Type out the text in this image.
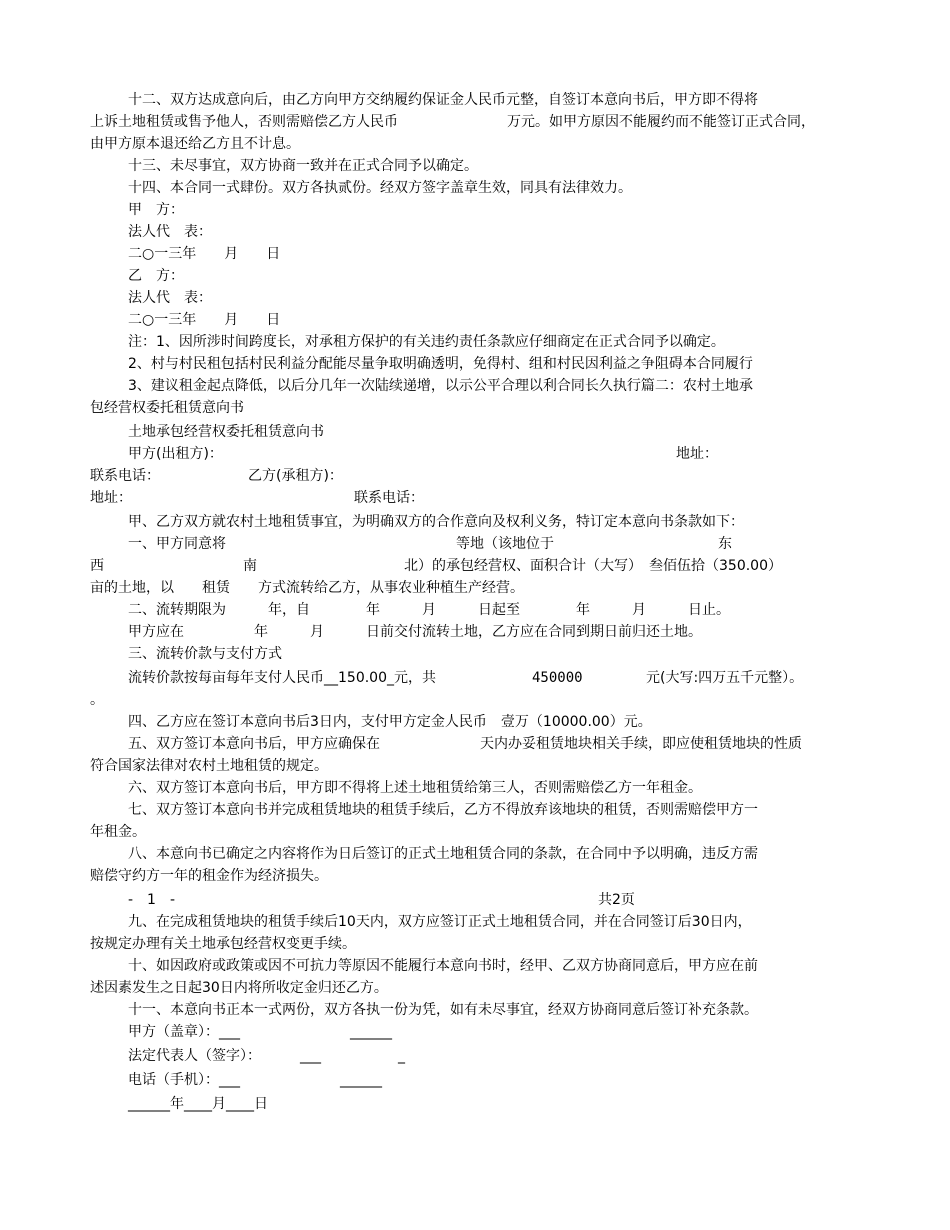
十二、双方达成意向后，由乙方向甲方交纳履约保证金人民币元整，自签订本意向书后，甲方即不得将
上诉土地租赁或售予他人，否则需赔偿乙方人民币	万元。如甲方原因不能履约而不能签订正式合同，
由甲方原本退还给乙方且不计息。
十三、未尽事宜，双方协商一致并在正式合同予以确定。
十四、本合同一式肆份。双方各执贰份。经双方签字盖章生效，同具有法律效力。
甲　方：
法人代　表：
二○一三年　　月　　日
乙　方：
法人代　表：
二○一三年　　月　　日
注：1、因所涉时间跨度长，对承租方保护的有关违约责任条款应仔细商定在正式合同予以确定。
2、村与村民租包括村民利益分配能尽量争取明确透明，免得村、组和村民因利益之争阻碍本合同履行
3、建议租金起点降低，以后分几年一次陆续递增，以示公平合理以利合同长久执行篇二：农村土地承
包经营权委托租赁意向书
土地承包经营权委托租赁意向书
甲方(出租方)：	地址：
联系电话：	乙方(承租方)：
地址：	联系电话：
甲、乙方双方就农村土地租赁事宜，为明确双方的合作意向及权利义务，特订定本意向书条款如下：
一、甲方同意将	等地（该地位于	东
西	南	北）的承包经营权、面积合计（大写）　叁佰伍拾（350.00）
亩的土地，以　　租赁　　方式流转给乙方，从事农业种植生产经营。
二、流转期限为　　　年，自　　　　年　　　月　　　日起至　　　　年　　　月　　　日止。
甲方应在　　　　　年　　　月　　　日前交付流转土地，乙方应在合同到期日前归还土地。
三、流转价款与支付方式
流转价款按每亩每年支付人民币__150.00_元，共	450000	元(大写:四万五千元整）。
。
四、乙方应在签订本意向书后3日内，支付甲方定金人民币　壹万（10000.00）元。
五、双方签订本意向书后，甲方应确保在	天内办妥租赁地块相关手续，即应使租赁地块的性质
符合国家法律对农村土地租赁的规定。
六、双方签订本意向书后，甲方即不得将上述土地租赁给第三人，否则需赔偿乙方一年租金。
七、双方签订本意向书并完成租赁地块的租赁手续后，乙方不得放弃该地块的租赁，否则需赔偿甲方一
年租金。
八、本意向书已确定之内容将作为日后签订的正式土地租赁合同的条款，在合同中予以明确，违反方需
赔偿守约方一年的租金作为经济损失。
-　1　-	共2页
九、在完成租赁地块的租赁手续后10天内，双方应签订正式土地租赁合同，并在合同签订后30日内，
按规定办理有关土地承包经营权变更手续。
十、如因政府或政策或因不可抗力等原因不能履行本意向书时，经甲、乙双方协商同意后，甲方应在前
述因素发生之日起30日内将所收定金归还乙方。
十一、本意向书正本一式两份，双方各执一份为凭，如有未尽事宜，经双方协商同意后签订补充条款。
甲方（盖章）：___	______
法定代表人（签字）：	___	_
电话（手机）：___	______
______年____月____日
